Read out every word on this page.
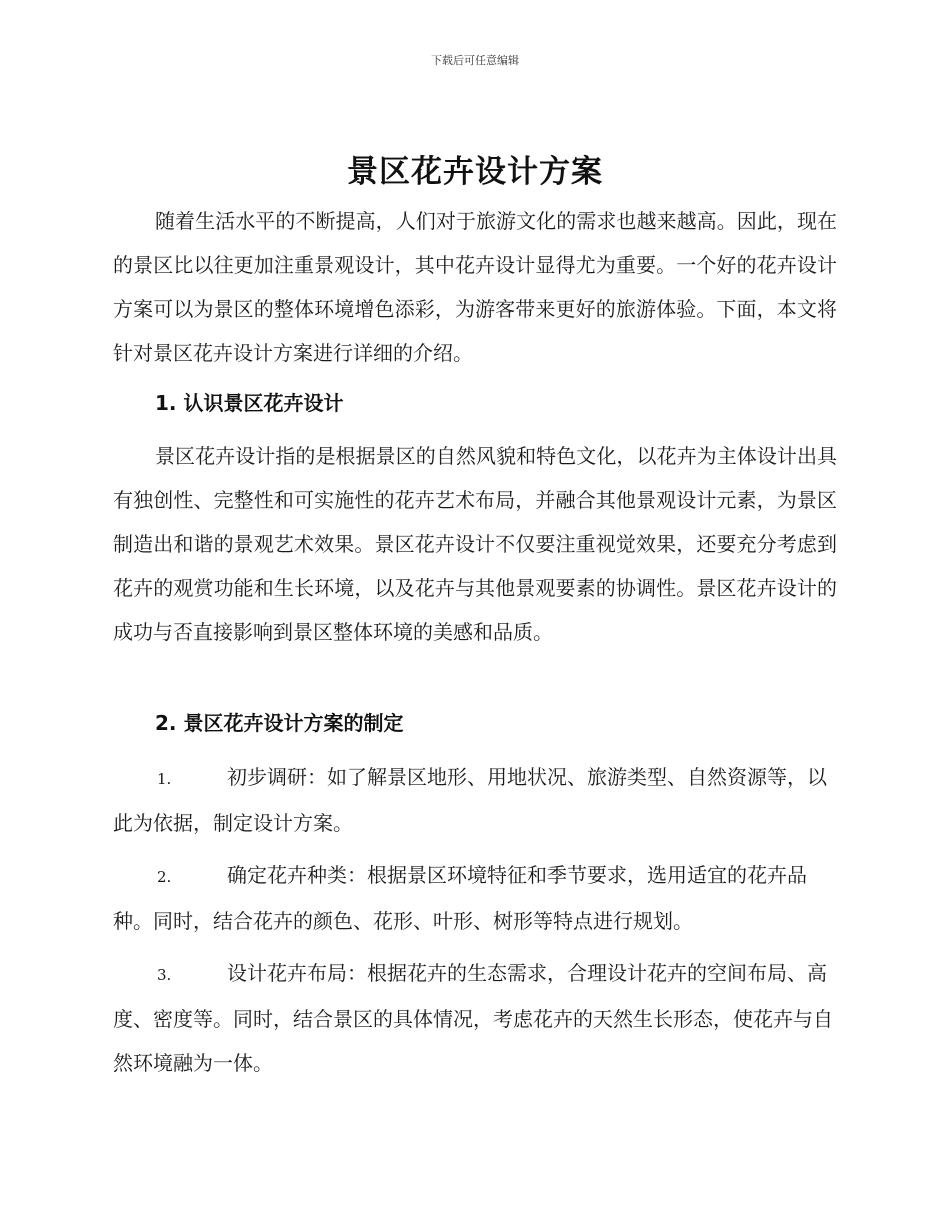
下载后可任意编辑
景区花卉设计方案

随着生活水平的不断提高，人们对于旅游文化的需求也越来越高。因此，现在的景区比以往更加注重景观设计，其中花卉设计显得尤为重要。一个好的花卉设计方案可以为景区的整体环境增色添彩，为游客带来更好的旅游体验。下面，本文将针对景区花卉设计方案进行详细的介绍。

1. 认识景区花卉设计

景区花卉设计指的是根据景区的自然风貌和特色文化，以花卉为主体设计出具有独创性、完整性和可实施性的花卉艺术布局，并融合其他景观设计元素，为景区制造出和谐的景观艺术效果。景区花卉设计不仅要注重视觉效果，还要充分考虑到花卉的观赏功能和生长环境，以及花卉与其他景观要素的协调性。景区花卉设计的成功与否直接影响到景区整体环境的美感和品质。

2. 景区花卉设计方案的制定
1.	初步调研：如了解景区地形、用地状况、旅游类型、自然资源等，以此为依据，制定设计方案。
2.	确定花卉种类：根据景区环境特征和季节要求，选用适宜的花卉品种。同时，结合花卉的颜色、花形、叶形、树形等特点进行规划。
3.	设计花卉布局：根据花卉的生态需求，合理设计花卉的空间布局、高度、密度等。同时，结合景区的具体情况，考虑花卉的天然生长形态，使花卉与自然环境融为一体。
